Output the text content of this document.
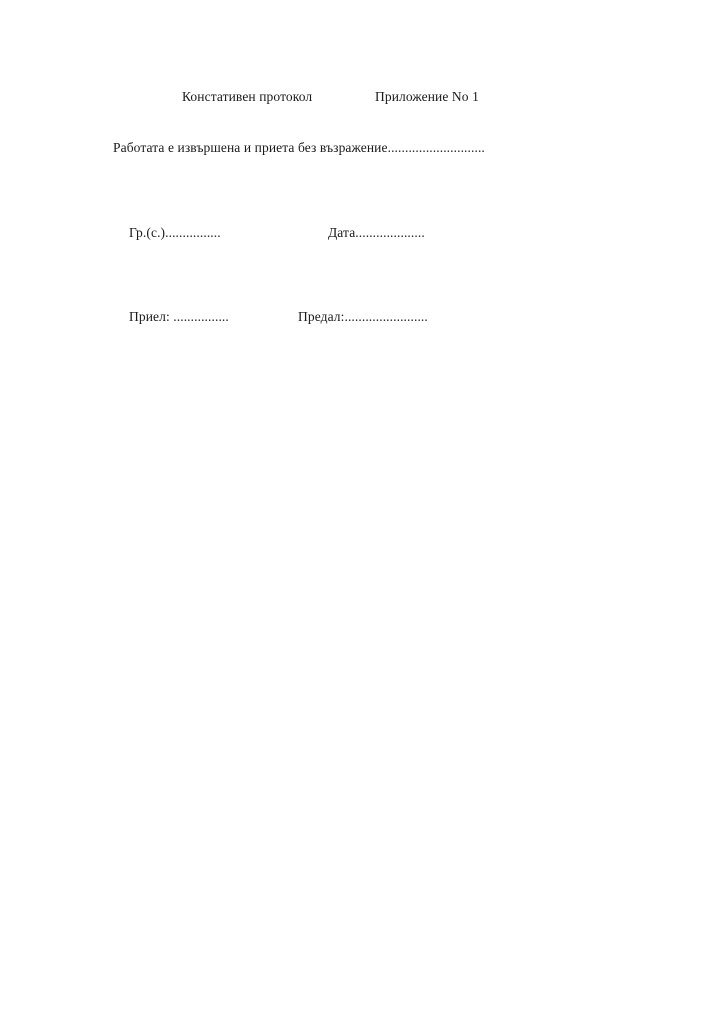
Констативен протокол	Приложение No 1
Работата е извършена и приета без възражение............................
Гр.(с.)................	Дата....................
Приел: ................	Предал:........................
